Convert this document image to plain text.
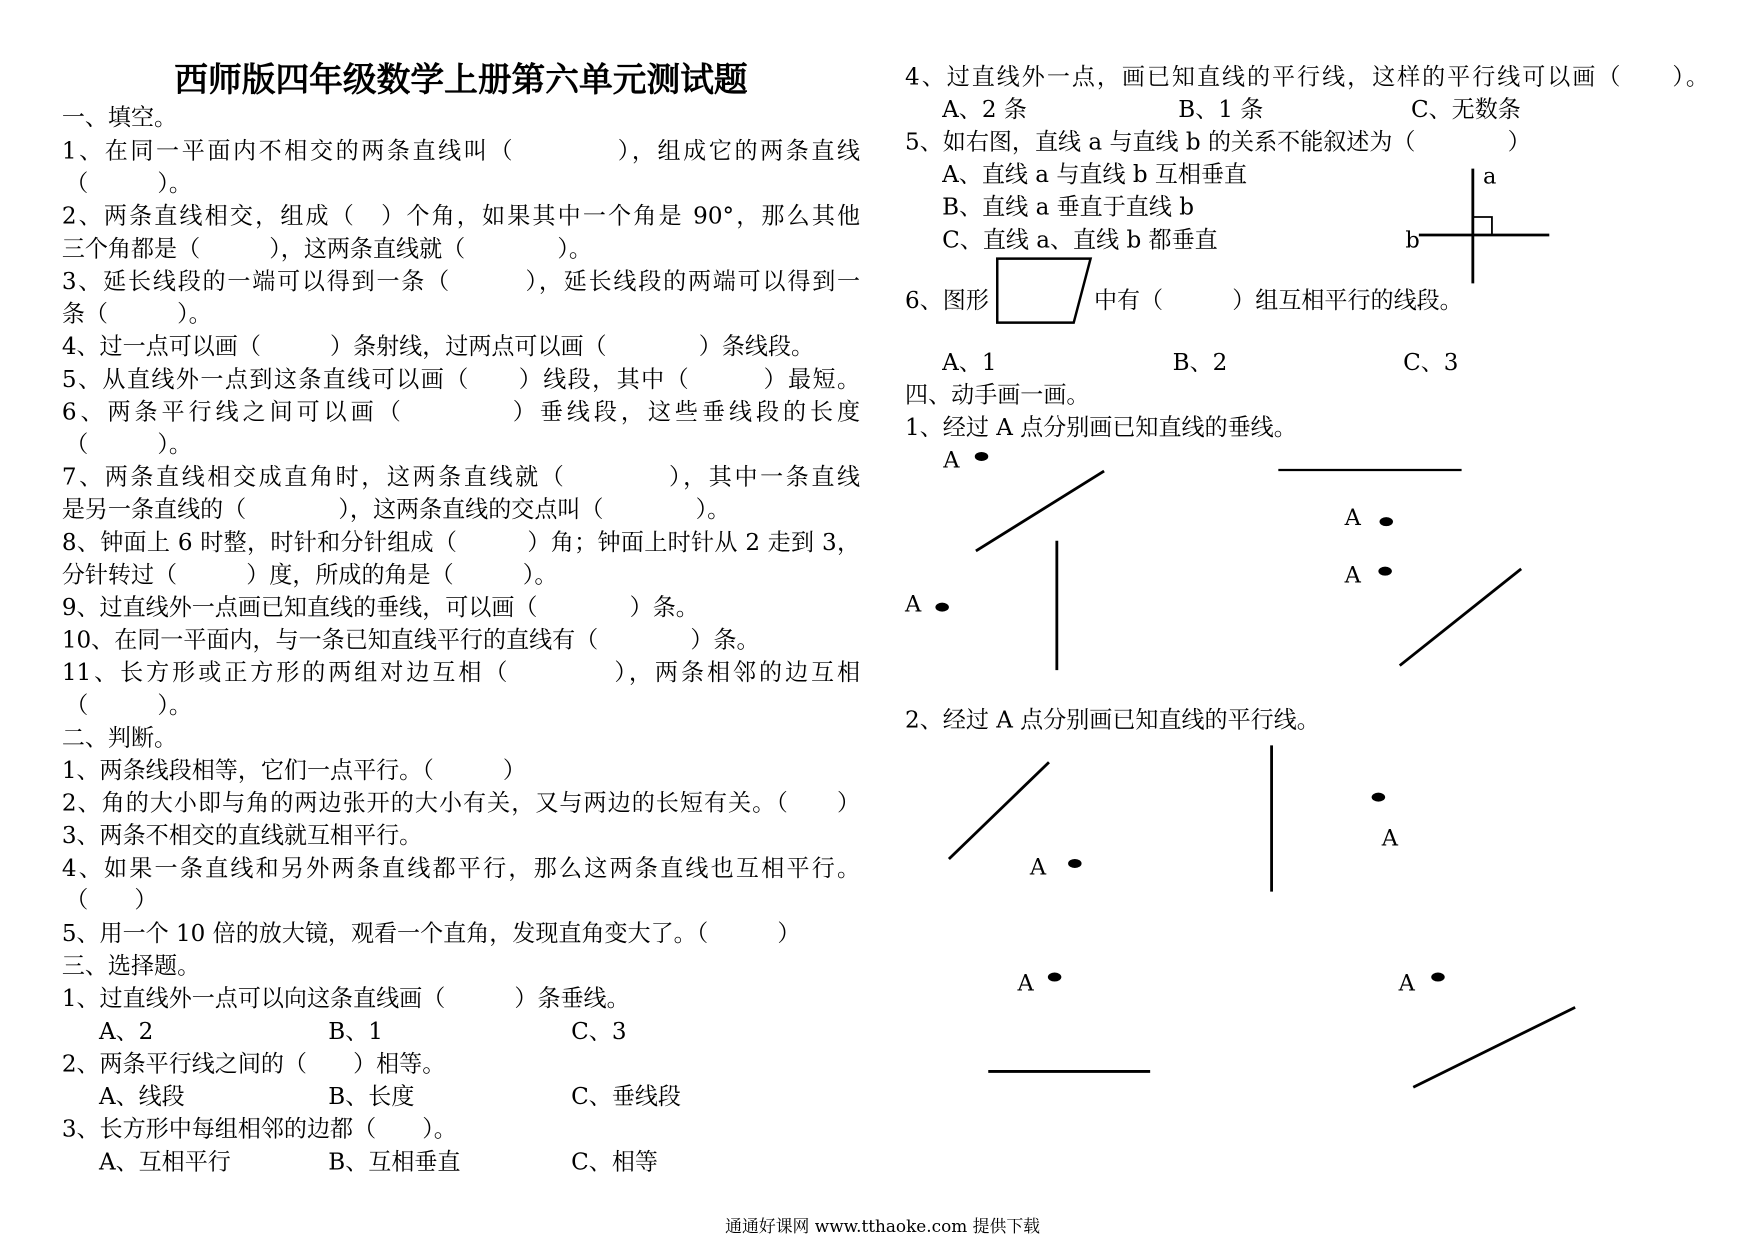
西师版四年级数学上册第六单元测试题
一、填空。
1、在同一平面内不相交的两条直线叫（　　　　），组成它的两条直线
（　　　）。
2、两条直线相交，组成（　）个角，如果其中一个角是 90°，那么其他
三个角都是（　　　），这两条直线就（　　　　）。
3、延长线段的一端可以得到一条（　　　），延长线段的两端可以得到一
条（　　　）。
4、过一点可以画（　　　）条射线，过两点可以画（　　　　）条线段。
5、从直线外一点到这条直线可以画（　　）线段，其中（　　　）最短。
6、两条平行线之间可以画（　　　　）垂线段，这些垂线段的长度
（　　　）。
7、两条直线相交成直角时，这两条直线就（　　　　），其中一条直线
是另一条直线的（　　　　），这两条直线的交点叫（　　　　）。
8、钟面上 6 时整，时针和分针组成（　　　）角；钟面上时针从 2 走到 3，
分针转过（　　　）度，所成的角是（　　　）。
9、过直线外一点画已知直线的垂线，可以画（　　　　）条。
10、在同一平面内，与一条已知直线平行的直线有（　　　　）条。
11、长方形或正方形的两组对边互相（　　　　），两条相邻的边互相
（　　　）。
二、判断。
1、两条线段相等，它们一点平行。（　　　）
2、角的大小即与角的两边张开的大小有关，又与两边的长短有关。（　　）
3、两条不相交的直线就互相平行。
4、如果一条直线和另外两条直线都平行，那么这两条直线也互相平行。
（　　）
5、用一个 10 倍的放大镜，观看一个直角，发现直角变大了。（　　　）
三、选择题。
1、过直线外一点可以向这条直线画（　　　）条垂线。
A、2	B、1	C、3
2、两条平行线之间的（　　）相等。
A、线段	B、长度	C、垂线段
3、长方形中每组相邻的边都（　　）。
A、互相平行	B、互相垂直	C、相等
4、过直线外一点，画已知直线的平行线，这样的平行线可以画（　　）。
A、2 条	B、1 条	C、无数条
5、如右图，直线 a 与直线 b 的关系不能叙述为（　　　　）
A、直线 a 与直线 b 互相垂直
B、直线 a 垂直于直线 b
C、直线 a、直线 b 都垂直
a
b
6、图形	中有（　　　）组互相平行的线段。
A、1	B、2	C、3
四、动手画一画。
1、经过 A 点分别画已知直线的垂线。
A
A
A
A
2、经过 A 点分别画已知直线的平行线。
A
A
A	A
通通好课网 www.tthaoke.com 提供下载
